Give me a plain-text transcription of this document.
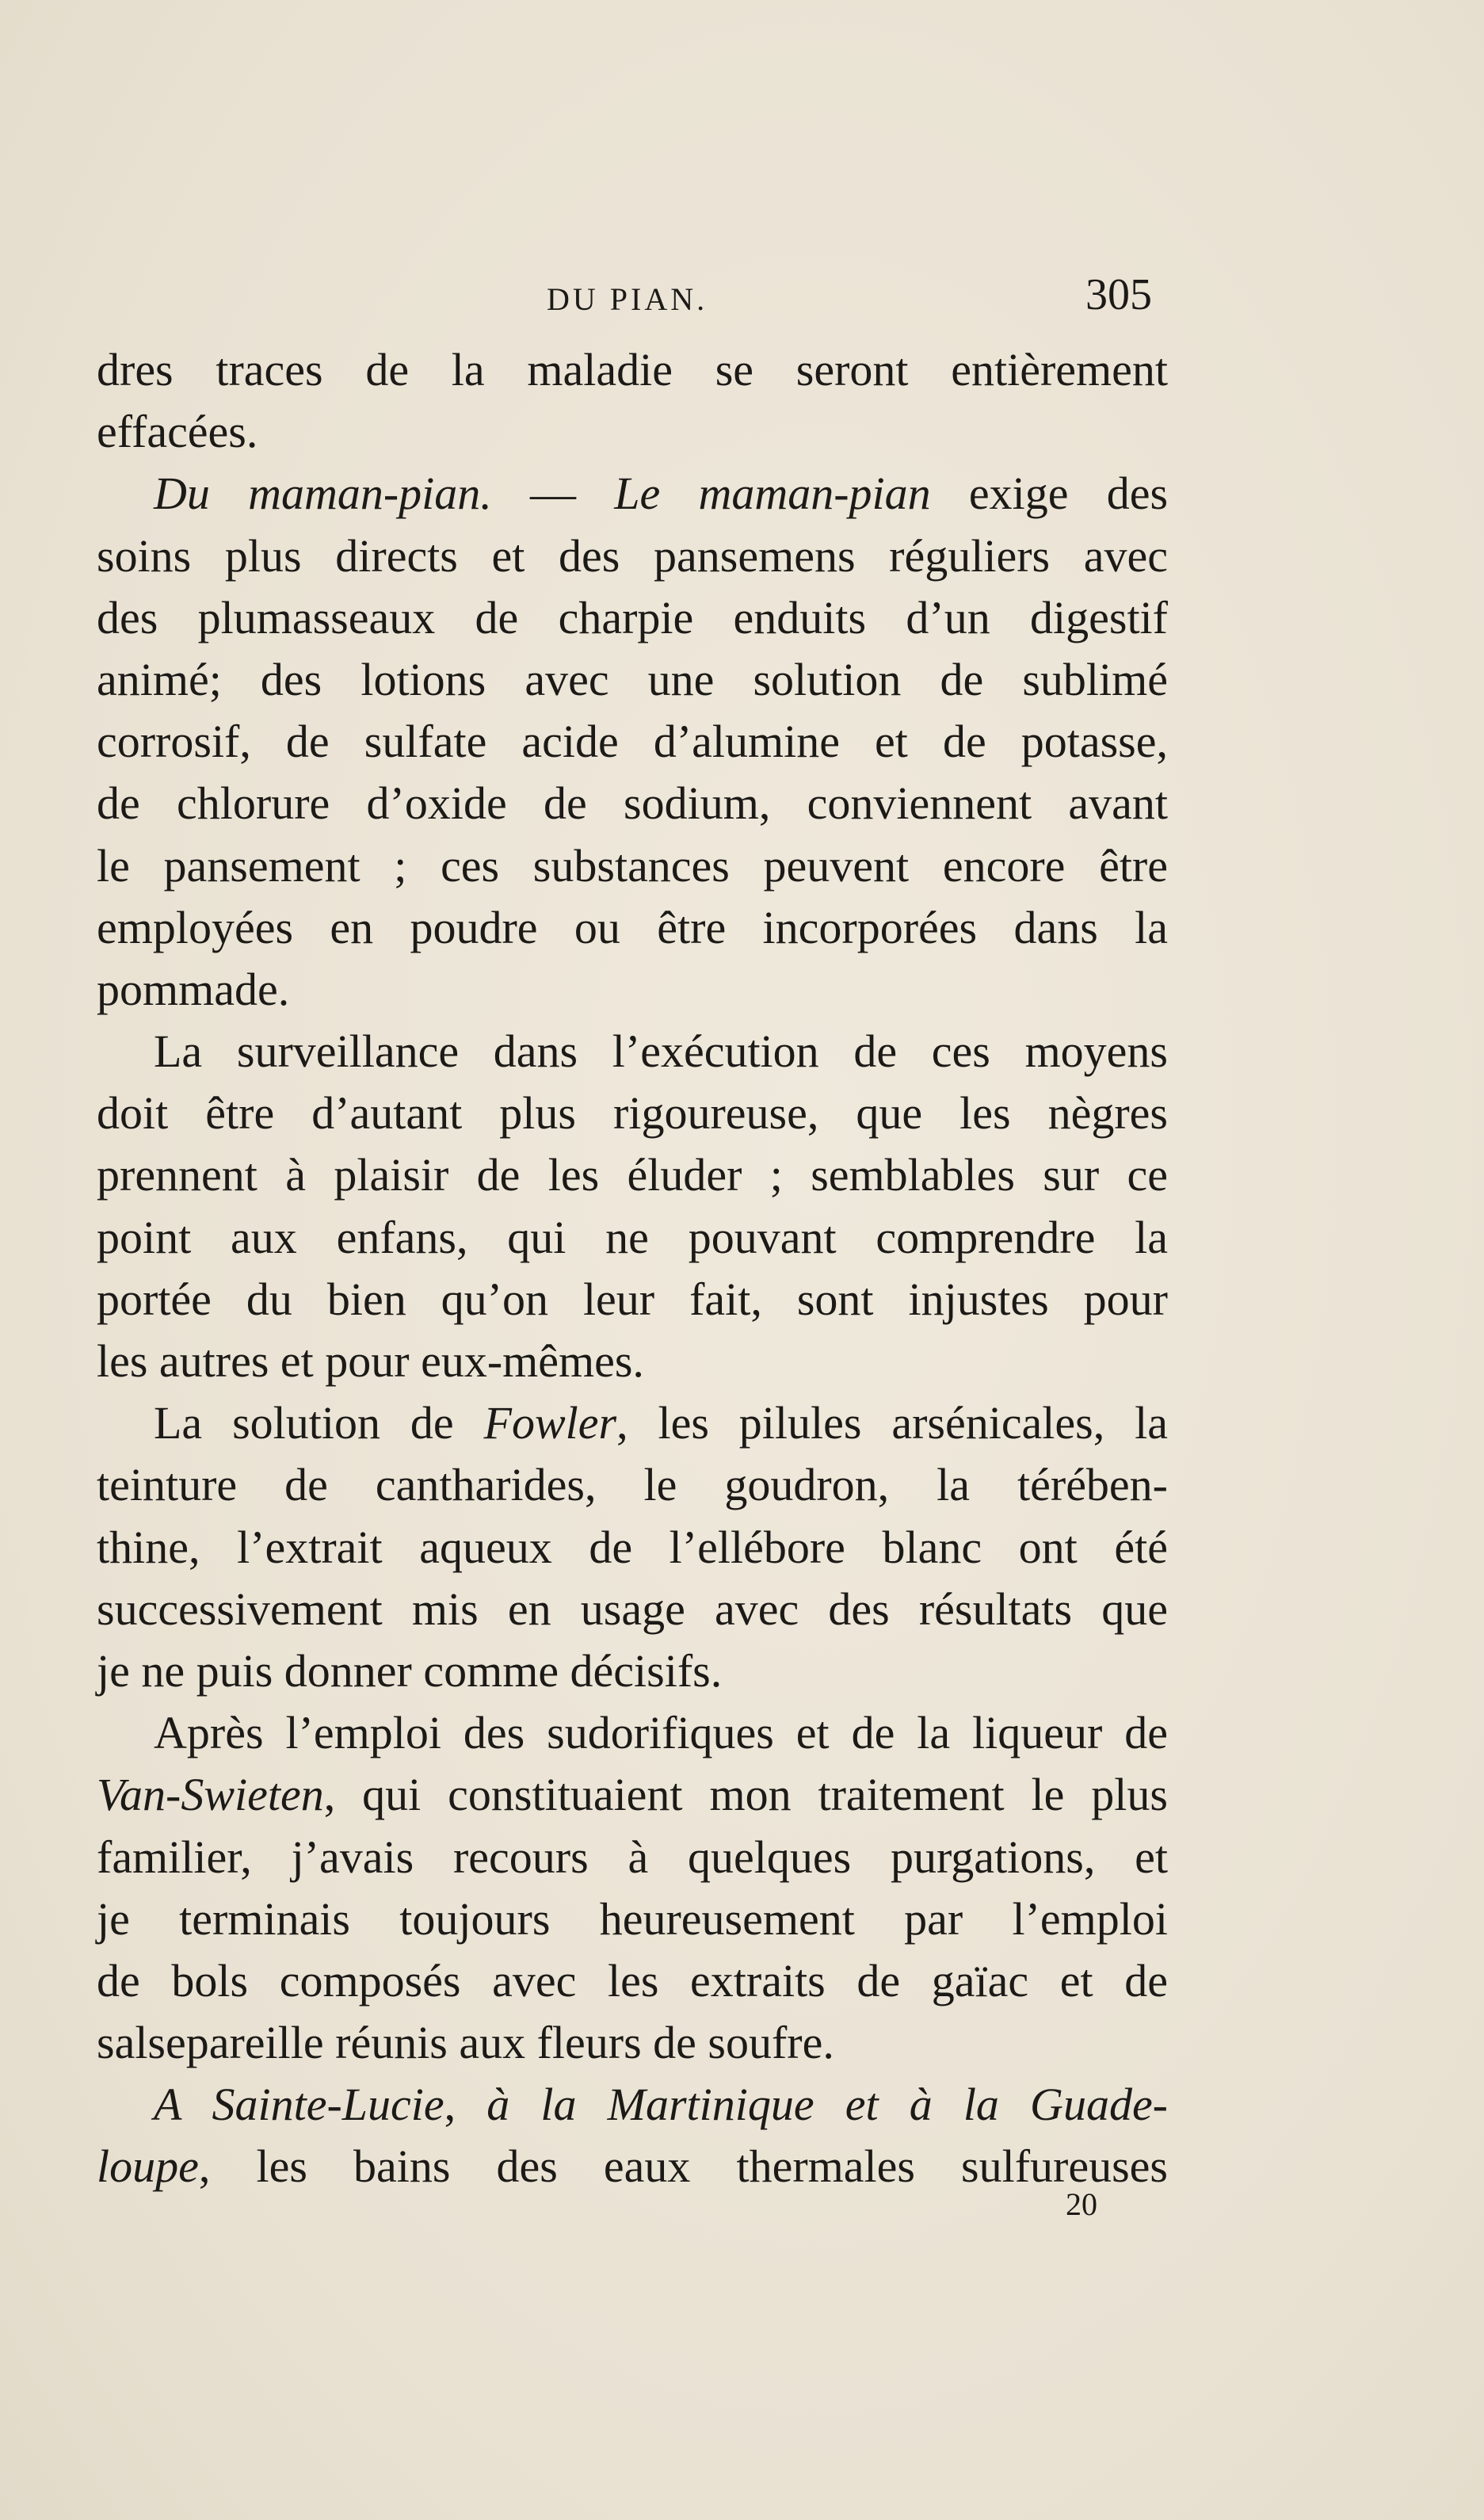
DU PIAN.	305
dres traces de la maladie se seront entièrement
effacées.
Du maman-pian. — Le maman-pian exige des
soins plus directs et des pansemens réguliers avec
des plumasseaux de charpie enduits d’un digestif
animé; des lotions avec une solution de sublimé
corrosif, de sulfate acide d’alumine et de potasse,
de chlorure d’oxide de sodium, conviennent avant
le pansement ; ces substances peuvent encore être
employées en poudre ou être incorporées dans la
pommade.
La surveillance dans l’exécution de ces moyens
doit être d’autant plus rigoureuse, que les nègres
prennent à plaisir de les éluder ; semblables sur ce
point aux enfans, qui ne pouvant comprendre la
portée du bien qu’on leur fait, sont injustes pour
les autres et pour eux-mêmes.
La solution de Fowler, les pilules arsénicales, la
teinture de cantharides, le goudron, la térében-
thine, l’extrait aqueux de l’ellébore blanc ont été
successivement mis en usage avec des résultats que
je ne puis donner comme décisifs.
Après l’emploi des sudorifiques et de la liqueur de
Van-Swieten, qui constituaient mon traitement le plus
familier, j’avais recours à quelques purgations, et
je terminais toujours heureusement par l’emploi
de bols composés avec les extraits de gaïac et de
salsepareille réunis aux fleurs de soufre.
A Sainte-Lucie, à la Martinique et à la Guade-
loupe, les bains des eaux thermales sulfureuses
20
